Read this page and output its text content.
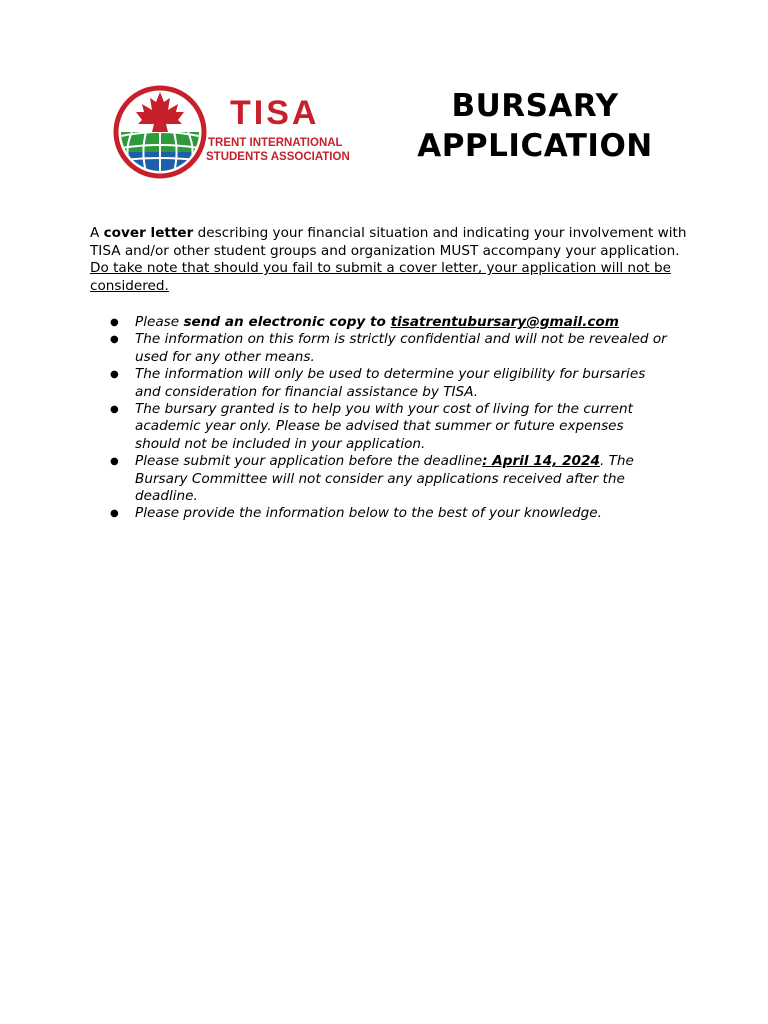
TISA
TRENT INTERNATIONAL
STUDENTS ASSOCIATION
BURSARY
APPLICATION
A cover letter describing your financial situation and indicating your involvement with TISA and/or other student groups and organization MUST accompany your application. Do take note that should you fail to submit a cover letter, your application will not be considered.
● Please send an electronic copy to tisatrentubursary@gmail.com
● The information on this form is strictly confidential and will not be revealed or used for any other means.
● The information will only be used to determine your eligibility for bursaries and consideration for financial assistance by TISA.
● The bursary granted is to help you with your cost of living for the current academic year only. Please be advised that summer or future expenses should not be included in your application.
● Please submit your application before the deadline: April 14, 2024. The Bursary Committee will not consider any applications received after the deadline.
● Please provide the information below to the best of your knowledge.
